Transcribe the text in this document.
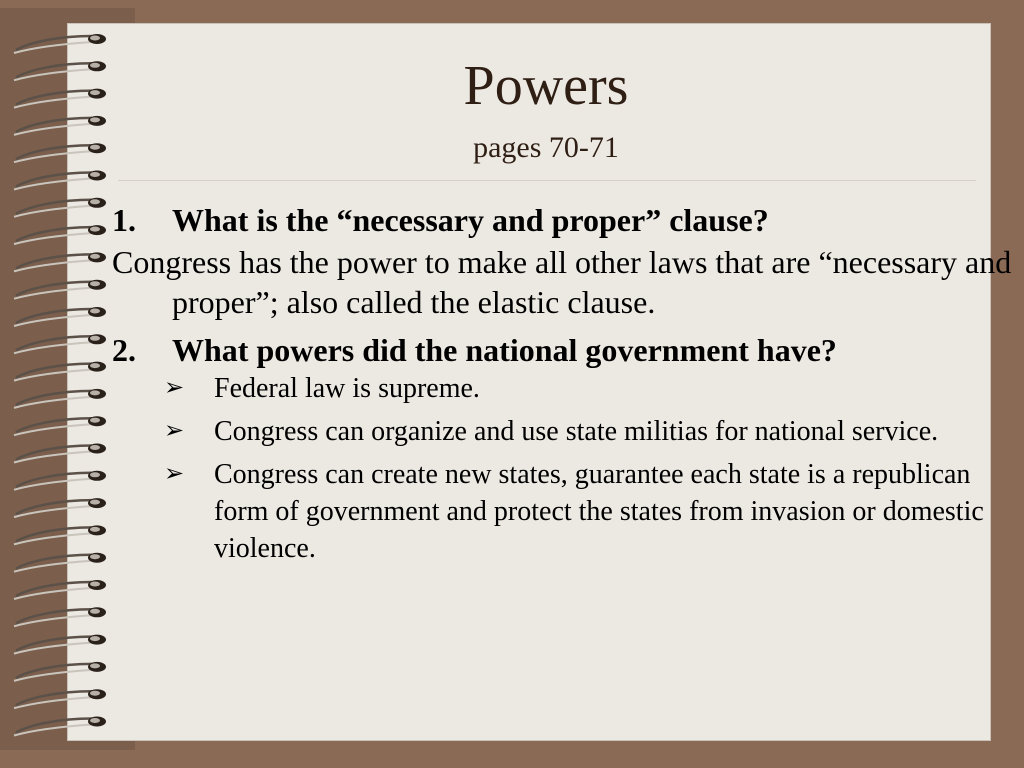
Powers
pages 70-71
1.	What is the “necessary and proper” clause?
Congress has the power to make all other laws that are “necessary and proper”; also called the elastic clause.
2.	What powers did the national government have?
➢	Federal law is supreme.
➢	Congress can organize and use state militias for national service.
➢	Congress can create new states, guarantee each state is a republican form of government and protect the states from invasion or domestic violence.
